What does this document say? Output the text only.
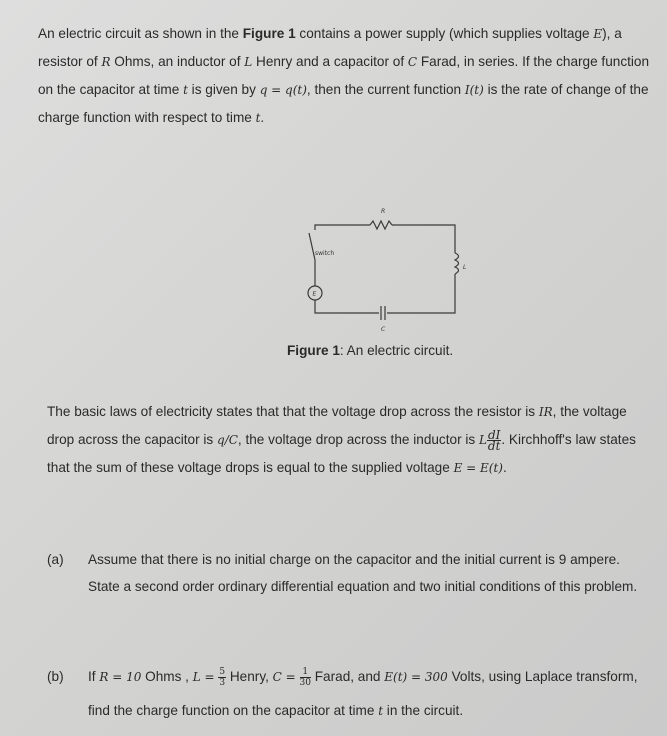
An electric circuit as shown in the Figure 1 contains a power supply (which supplies voltage E), a resistor of R Ohms, an inductor of L Henry and a capacitor of C Farad, in series. If the charge function on the capacitor at time t is given by q = q(t), then the current function I(t) is the rate of change of the charge function with respect to time t.

switch
R
L
C
E
Figure 1: An electric circuit.

The basic laws of electricity states that that the voltage drop across the resistor is IR, the voltage drop across the capacitor is q/C, the voltage drop across the inductor is L $\frac{dI}{dt}$ . Kirchhoff's law states that the sum of these voltage drops is equal to the supplied voltage E = E(t).

(a) Assume that there is no initial charge on the capacitor and the initial current is 9 ampere. State a second order ordinary differential equation and two initial conditions of this problem.

(b) If R = 10 Ohms , $L = \frac{5}{3}$ Henry, $C = \frac{1}{30}$ Farad, and E(t) = 300 Volts, using Laplace transform, find the charge function on the capacitor at time t in the circuit.
